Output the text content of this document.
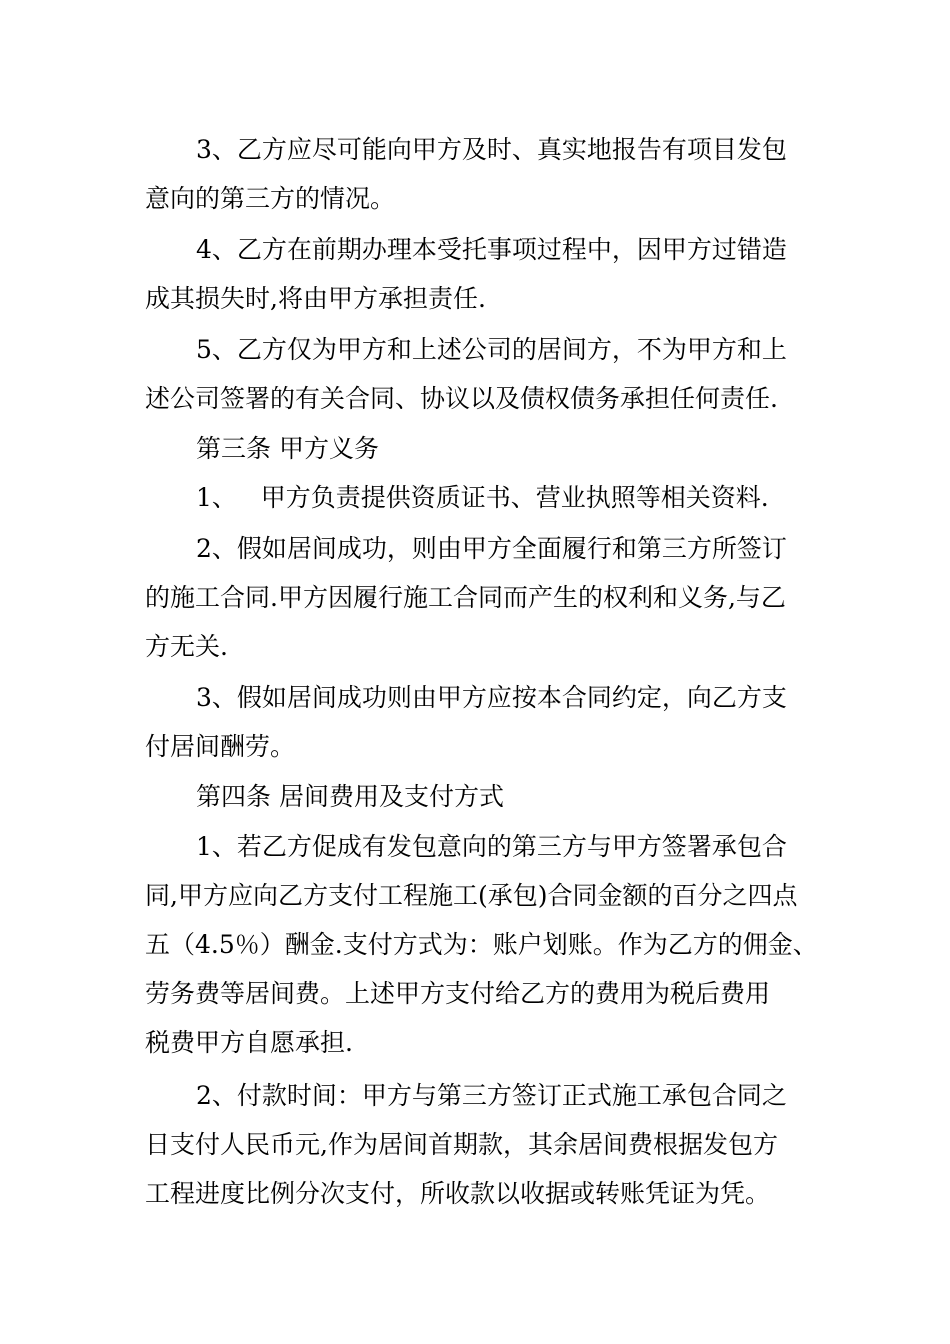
3、乙方应尽可能向甲方及时、真实地报告有项目发包
意向的第三方的情况。
4、乙方在前期办理本受托事项过程中，因甲方过错造
成其损失时,将由甲方承担责任.
5、乙方仅为甲方和上述公司的居间方，不为甲方和上
述公司签署的有关合同、协议以及债权债务承担任何责任.
第三条 甲方义务
1、   甲方负责提供资质证书、营业执照等相关资料.
2、假如居间成功，则由甲方全面履行和第三方所签订
的施工合同.甲方因履行施工合同而产生的权利和义务,与乙
方无关.
3、假如居间成功则由甲方应按本合同约定，向乙方支
付居间酬劳。
第四条 居间费用及支付方式
1、若乙方促成有发包意向的第三方与甲方签署承包合
同,甲方应向乙方支付工程施工(承包)合同金额的百分之四点
五（4.5％）酬金.支付方式为：账户划账。作为乙方的佣金、
劳务费等居间费。上述甲方支付给乙方的费用为税后费用
税费甲方自愿承担.
2、付款时间：甲方与第三方签订正式施工承包合同之
日支付人民币元,作为居间首期款，其余居间费根据发包方
工程进度比例分次支付，所收款以收据或转账凭证为凭。
